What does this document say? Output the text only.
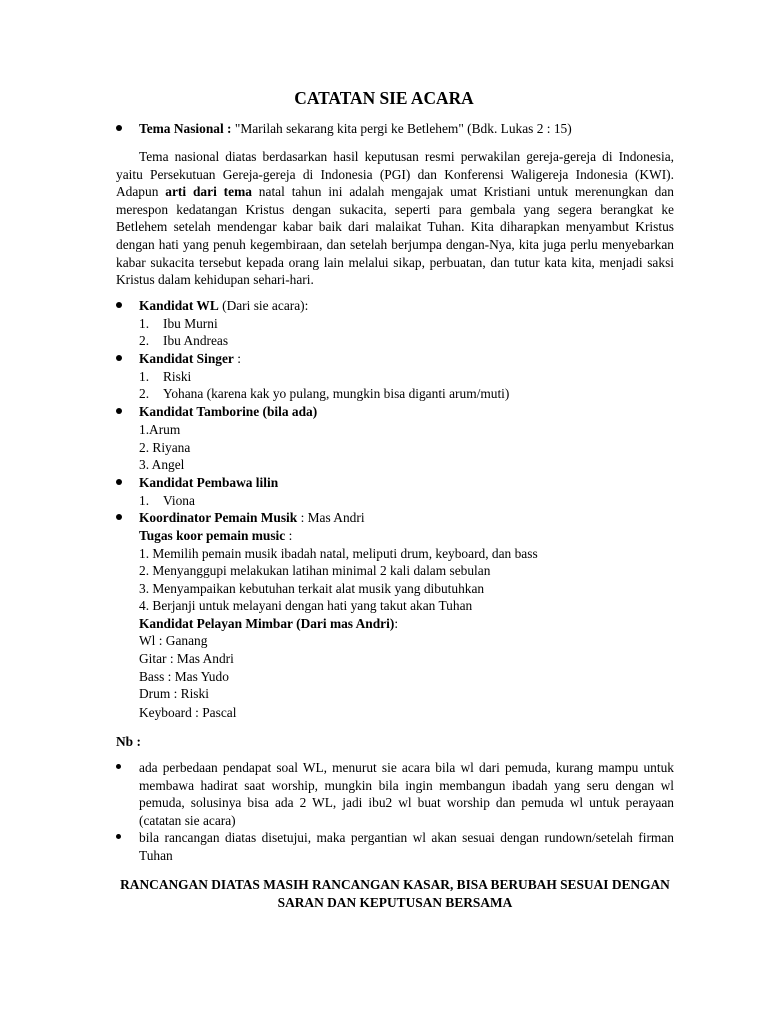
CATATAN SIE ACARA
Tema Nasional : "Marilah sekarang kita pergi ke Betlehem" (Bdk. Lukas 2 : 15)
Tema nasional diatas berdasarkan hasil keputusan resmi perwakilan gereja-gereja di Indonesia, yaitu Persekutuan Gereja-gereja di Indonesia (PGI) dan Konferensi Waligereja Indonesia (KWI). Adapun arti dari tema natal tahun ini adalah mengajak umat Kristiani untuk merenungkan dan merespon kedatangan Kristus dengan sukacita, seperti para gembala yang segera berangkat ke Betlehem setelah mendengar kabar baik dari malaikat Tuhan. Kita diharapkan menyambut Kristus dengan hati yang penuh kegembiraan, dan setelah berjumpa dengan-Nya, kita juga perlu menyebarkan kabar sukacita tersebut kepada orang lain melalui sikap, perbuatan, dan tutur kata kita, menjadi saksi Kristus dalam kehidupan sehari-hari.
Kandidat WL (Dari sie acara):
1. Ibu Murni
2. Ibu Andreas
Kandidat Singer :
1. Riski
2. Yohana (karena kak yo pulang, mungkin bisa diganti arum/muti)
Kandidat Tamborine (bila ada)
1.Arum
2. Riyana
3. Angel
Kandidat Pembawa lilin
1. Viona
Koordinator Pemain Musik : Mas Andri
Tugas koor pemain music :
1. Memilih pemain musik ibadah natal, meliputi drum, keyboard, dan bass
2. Menyanggupi melakukan latihan minimal 2 kali dalam sebulan
3. Menyampaikan kebutuhan terkait alat musik yang dibutuhkan
4. Berjanji untuk melayani dengan hati yang takut akan Tuhan
Kandidat Pelayan Mimbar (Dari mas Andri):
Wl : Ganang
Gitar : Mas Andri
Bass : Mas Yudo
Drum : Riski
Keyboard : Pascal
Nb :
ada perbedaan pendapat soal WL, menurut sie acara bila wl dari pemuda, kurang mampu untuk membawa hadirat saat worship, mungkin bila ingin membangun ibadah yang seru dengan wl pemuda, solusinya bisa ada 2 WL, jadi ibu2 wl buat worship dan pemuda wl untuk perayaan (catatan sie acara)
bila rancangan diatas disetujui, maka pergantian wl akan sesuai dengan rundown/setelah firman Tuhan
RANCANGAN DIATAS MASIH RANCANGAN KASAR, BISA BERUBAH SESUAI DENGAN SARAN DAN KEPUTUSAN BERSAMA
